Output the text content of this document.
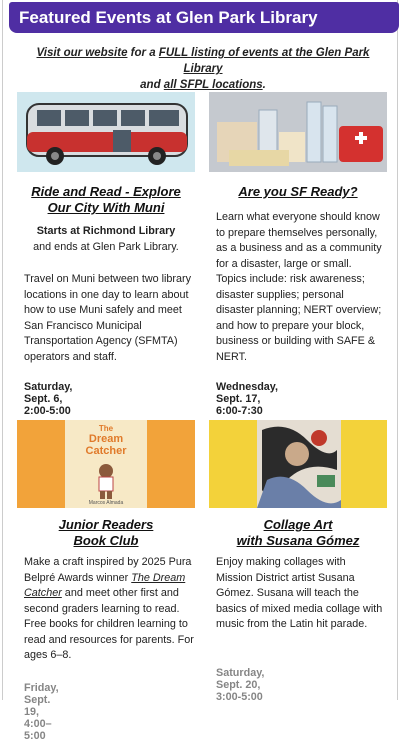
Featured Events at Glen Park Library
Visit our website for a FULL listing of events at the Glen Park Library
and all SFPL locations.
Ride and Read - Explore
Our City With Muni
Starts at Richmond Library
and ends at Glen Park Library.
Travel on Muni between two library locations in one day to learn about how to use Muni safely and meet San Francisco Municipal Transportation Agency (SFMTA) operators and staff.
Saturday, Sept. 6, 2:00-5:00
Are you SF Ready?
Learn what everyone should know to prepare themselves personally, as a business and as a community for a disaster, large or small. Topics include: risk awareness; disaster supplies; personal disaster planning; NERT overview; and how to prepare your block, business or building with SAFE & NERT.
Wednesday, Sept. 17, 6:00-7:30
The
Dream
Catcher
Marcos Almada
Junior Readers
Book Club
Make a craft inspired by 2025 Pura Belpré Awards winner The Dream Catcher and meet other first and second graders learning to read. Free books for children learning to read and resources for parents. For ages 6–8.
Friday, Sept. 19, 4:00–5:00
Collage Art
with Susana Gómez
Enjoy making collages with Mission District artist Susana Gómez. Susana will teach the basics of mixed media collage with music from the Latin hit parade.
Saturday, Sept. 20, 3:00-5:00
